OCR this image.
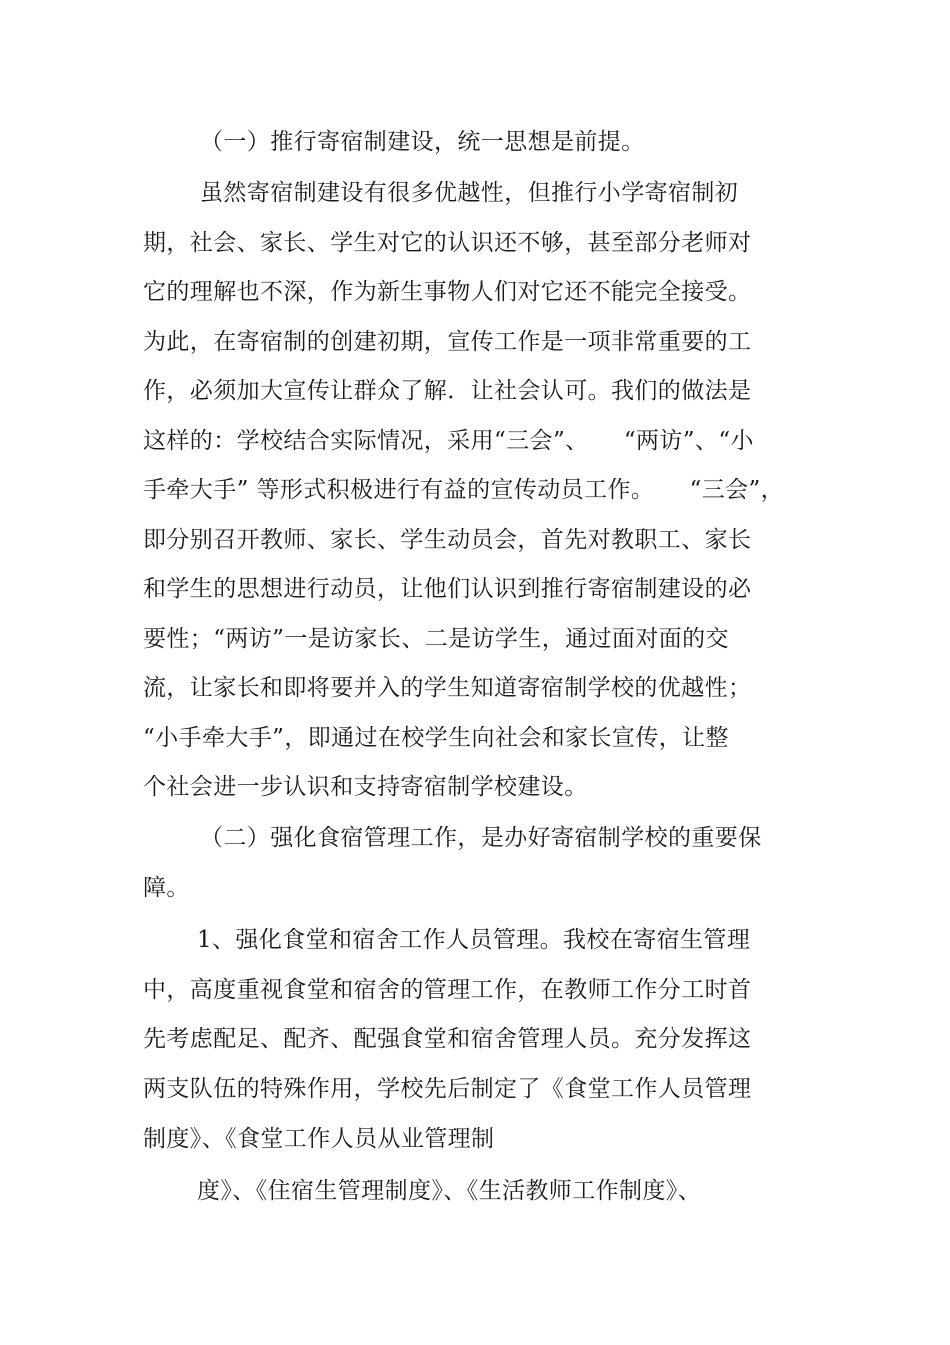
（一）推行寄宿制建设，统一思想是前提。
虽然寄宿制建设有很多优越性，但推行小学寄宿制初
期，社会、家长、学生对它的认识还不够，甚至部分老师对
它的理解也不深，作为新生事物人们对它还不能完全接受。
为此，在寄宿制的创建初期，宣传工作是一项非常重要的工
作，必须加大宣传让群众了解．让社会认可。我们的做法是
这样的：学校结合实际情况，采用“三会”、　　“两访”、“小
手牵大手” 等形式积极进行有益的宣传动员工作。　　“三会”，
即分别召开教师、家长、学生动员会，首先对教职工、家长
和学生的思想进行动员，让他们认识到推行寄宿制建设的必
要性；“两访”一是访家长、二是访学生，通过面对面的交
流，让家长和即将要并入的学生知道寄宿制学校的优越性；
“小手牵大手”，即通过在校学生向社会和家长宣传，让整
个社会进一步认识和支持寄宿制学校建设。
（二）强化食宿管理工作，是办好寄宿制学校的重要保
障。
1、强化食堂和宿舍工作人员管理。我校在寄宿生管理
中，高度重视食堂和宿舍的管理工作，在教师工作分工时首
先考虑配足、配齐、配强食堂和宿舍管理人员。充分发挥这
两支队伍的特殊作用，学校先后制定了《食堂工作人员管理
制度》、《食堂工作人员从业管理制
度》、《住宿生管理制度》、《生活教师工作制度》、
